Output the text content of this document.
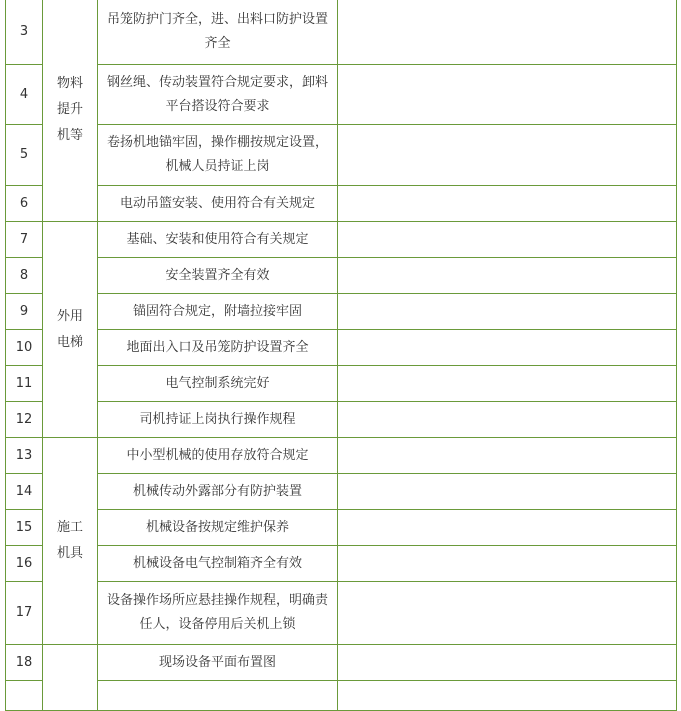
3	物料提升机等	吊笼防护门齐全，进、出料口防护设置齐全	
4		钢丝绳、传动装置符合规定要求，卸料平台搭设符合要求	
5		卷扬机地锚牢固，操作棚按规定设置，机械人员持证上岗	
6		电动吊篮安装、使用符合有关规定	
7	外用电梯	基础、安装和使用符合有关规定	
8		安全装置齐全有效	
9		锚固符合规定，附墙拉接牢固	
10		地面出入口及吊笼防护设置齐全	
11		电气控制系统完好	
12		司机持证上岗执行操作规程	
13	施工机具	中小型机械的使用存放符合规定	
14		机械传动外露部分有防护装置	
15		机械设备按规定维护保养	
16		机械设备电气控制箱齐全有效	
17		设备操作场所应悬挂操作规程，明确责任人，设备停用后关机上锁	
18		现场设备平面布置图	
